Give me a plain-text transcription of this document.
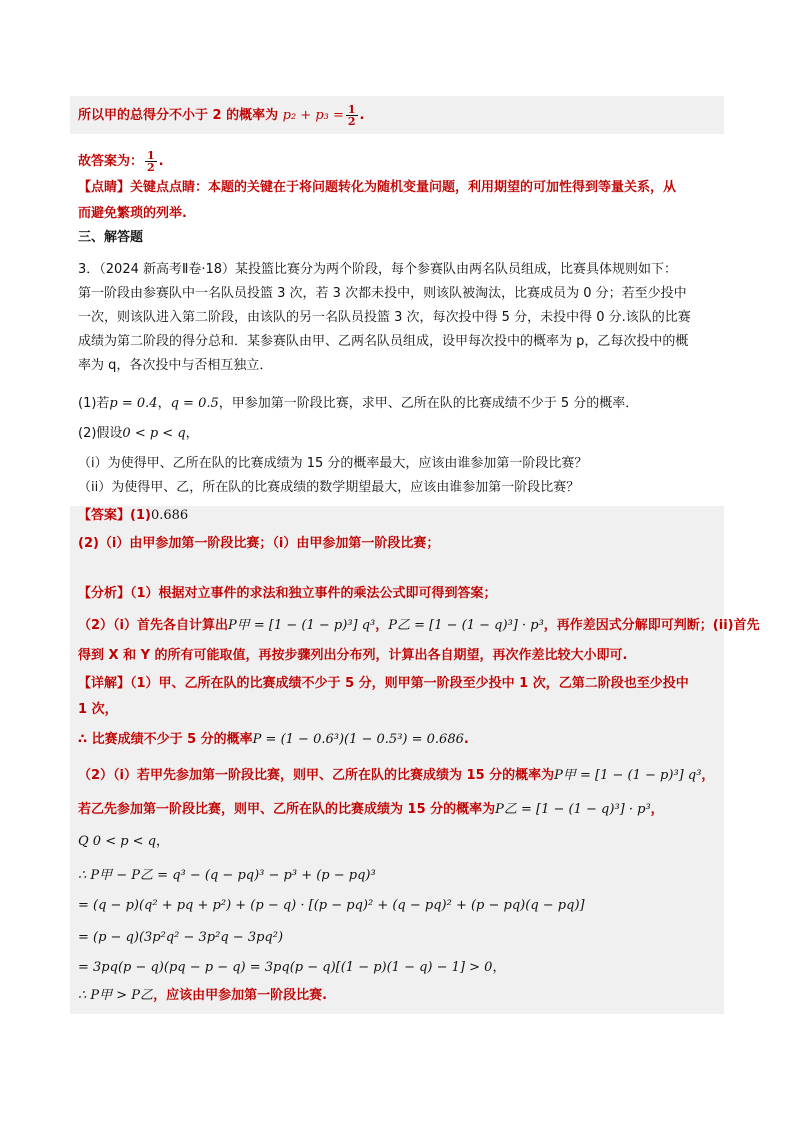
所以甲的总得分不小于 2 的概率为 $p_2 + p_3 = \frac{1}{2}$ .
故答案为： $\frac{1}{2}$ .
【点睛】关键点点睛：本题的关键在于将问题转化为随机变量问题，利用期望的可加性得到等量关系，从
而避免繁琐的列举.
三、解答题
3．（2024 新高考Ⅱ卷·18）某投篮比赛分为两个阶段，每个参赛队由两名队员组成，比赛具体规则如下：
第一阶段由参赛队中一名队员投篮 3 次，若 3 次都未投中，则该队被淘汰，比赛成员为 0 分；若至少投中
一次，则该队进入第二阶段，由该队的另一名队员投篮 3 次，每次投中得 5 分，未投中得 0 分.该队的比赛
成绩为第二阶段的得分总和．某参赛队由甲、乙两名队员组成，设甲每次投中的概率为 p，乙每次投中的概
率为 q，各次投中与否相互独立．
(1)若p = 0.4，q = 0.5，甲参加第一阶段比赛，求甲、乙所在队的比赛成绩不少于 5 分的概率．
(2)假设0 < p < q，
（i）为使得甲、乙所在队的比赛成绩为 15 分的概率最大，应该由谁参加第一阶段比赛？
（ii）为使得甲、乙，所在队的比赛成绩的数学期望最大，应该由谁参加第一阶段比赛？
【答案】(1)0.686
(2)（i）由甲参加第一阶段比赛；（i）由甲参加第一阶段比赛；
【分析】（1）根据对立事件的求法和独立事件的乘法公式即可得到答案；
（2）（i）首先各自计算出P甲 = [1 − (1 − p)³] q³，P乙 = [1 − (1 − q)³] · p³，再作差因式分解即可判断；(ii)首先
得到 X 和 Y 的所有可能取值，再按步骤列出分布列，计算出各自期望，再次作差比较大小即可.
【详解】（1）甲、乙所在队的比赛成绩不少于 5 分，则甲第一阶段至少投中 1 次，乙第二阶段也至少投中
1 次，
∴ 比赛成绩不少于 5 分的概率P = (1 − 0.6³)(1 − 0.5³) = 0.686.
（2）（i）若甲先参加第一阶段比赛，则甲、乙所在队的比赛成绩为 15 分的概率为P甲 = [1 − (1 − p)³] q³，
若乙先参加第一阶段比赛，则甲、乙所在队的比赛成绩为 15 分的概率为P乙 = [1 − (1 − q)³] · p³，
Q 0 < p < q，
∴ P甲 − P乙 = q³ − (q − pq)³ − p³ + (p − pq)³
= (q − p)(q² + pq + p²) + (p − q) · [(p − pq)² + (q − pq)² + (p − pq)(q − pq)]
= (p − q)(3p²q² − 3p²q − 3pq²)
= 3pq(p − q)(pq − p − q) = 3pq(p − q)[(1 − p)(1 − q) − 1] > 0，
∴ P甲 > P乙，应该由甲参加第一阶段比赛.
